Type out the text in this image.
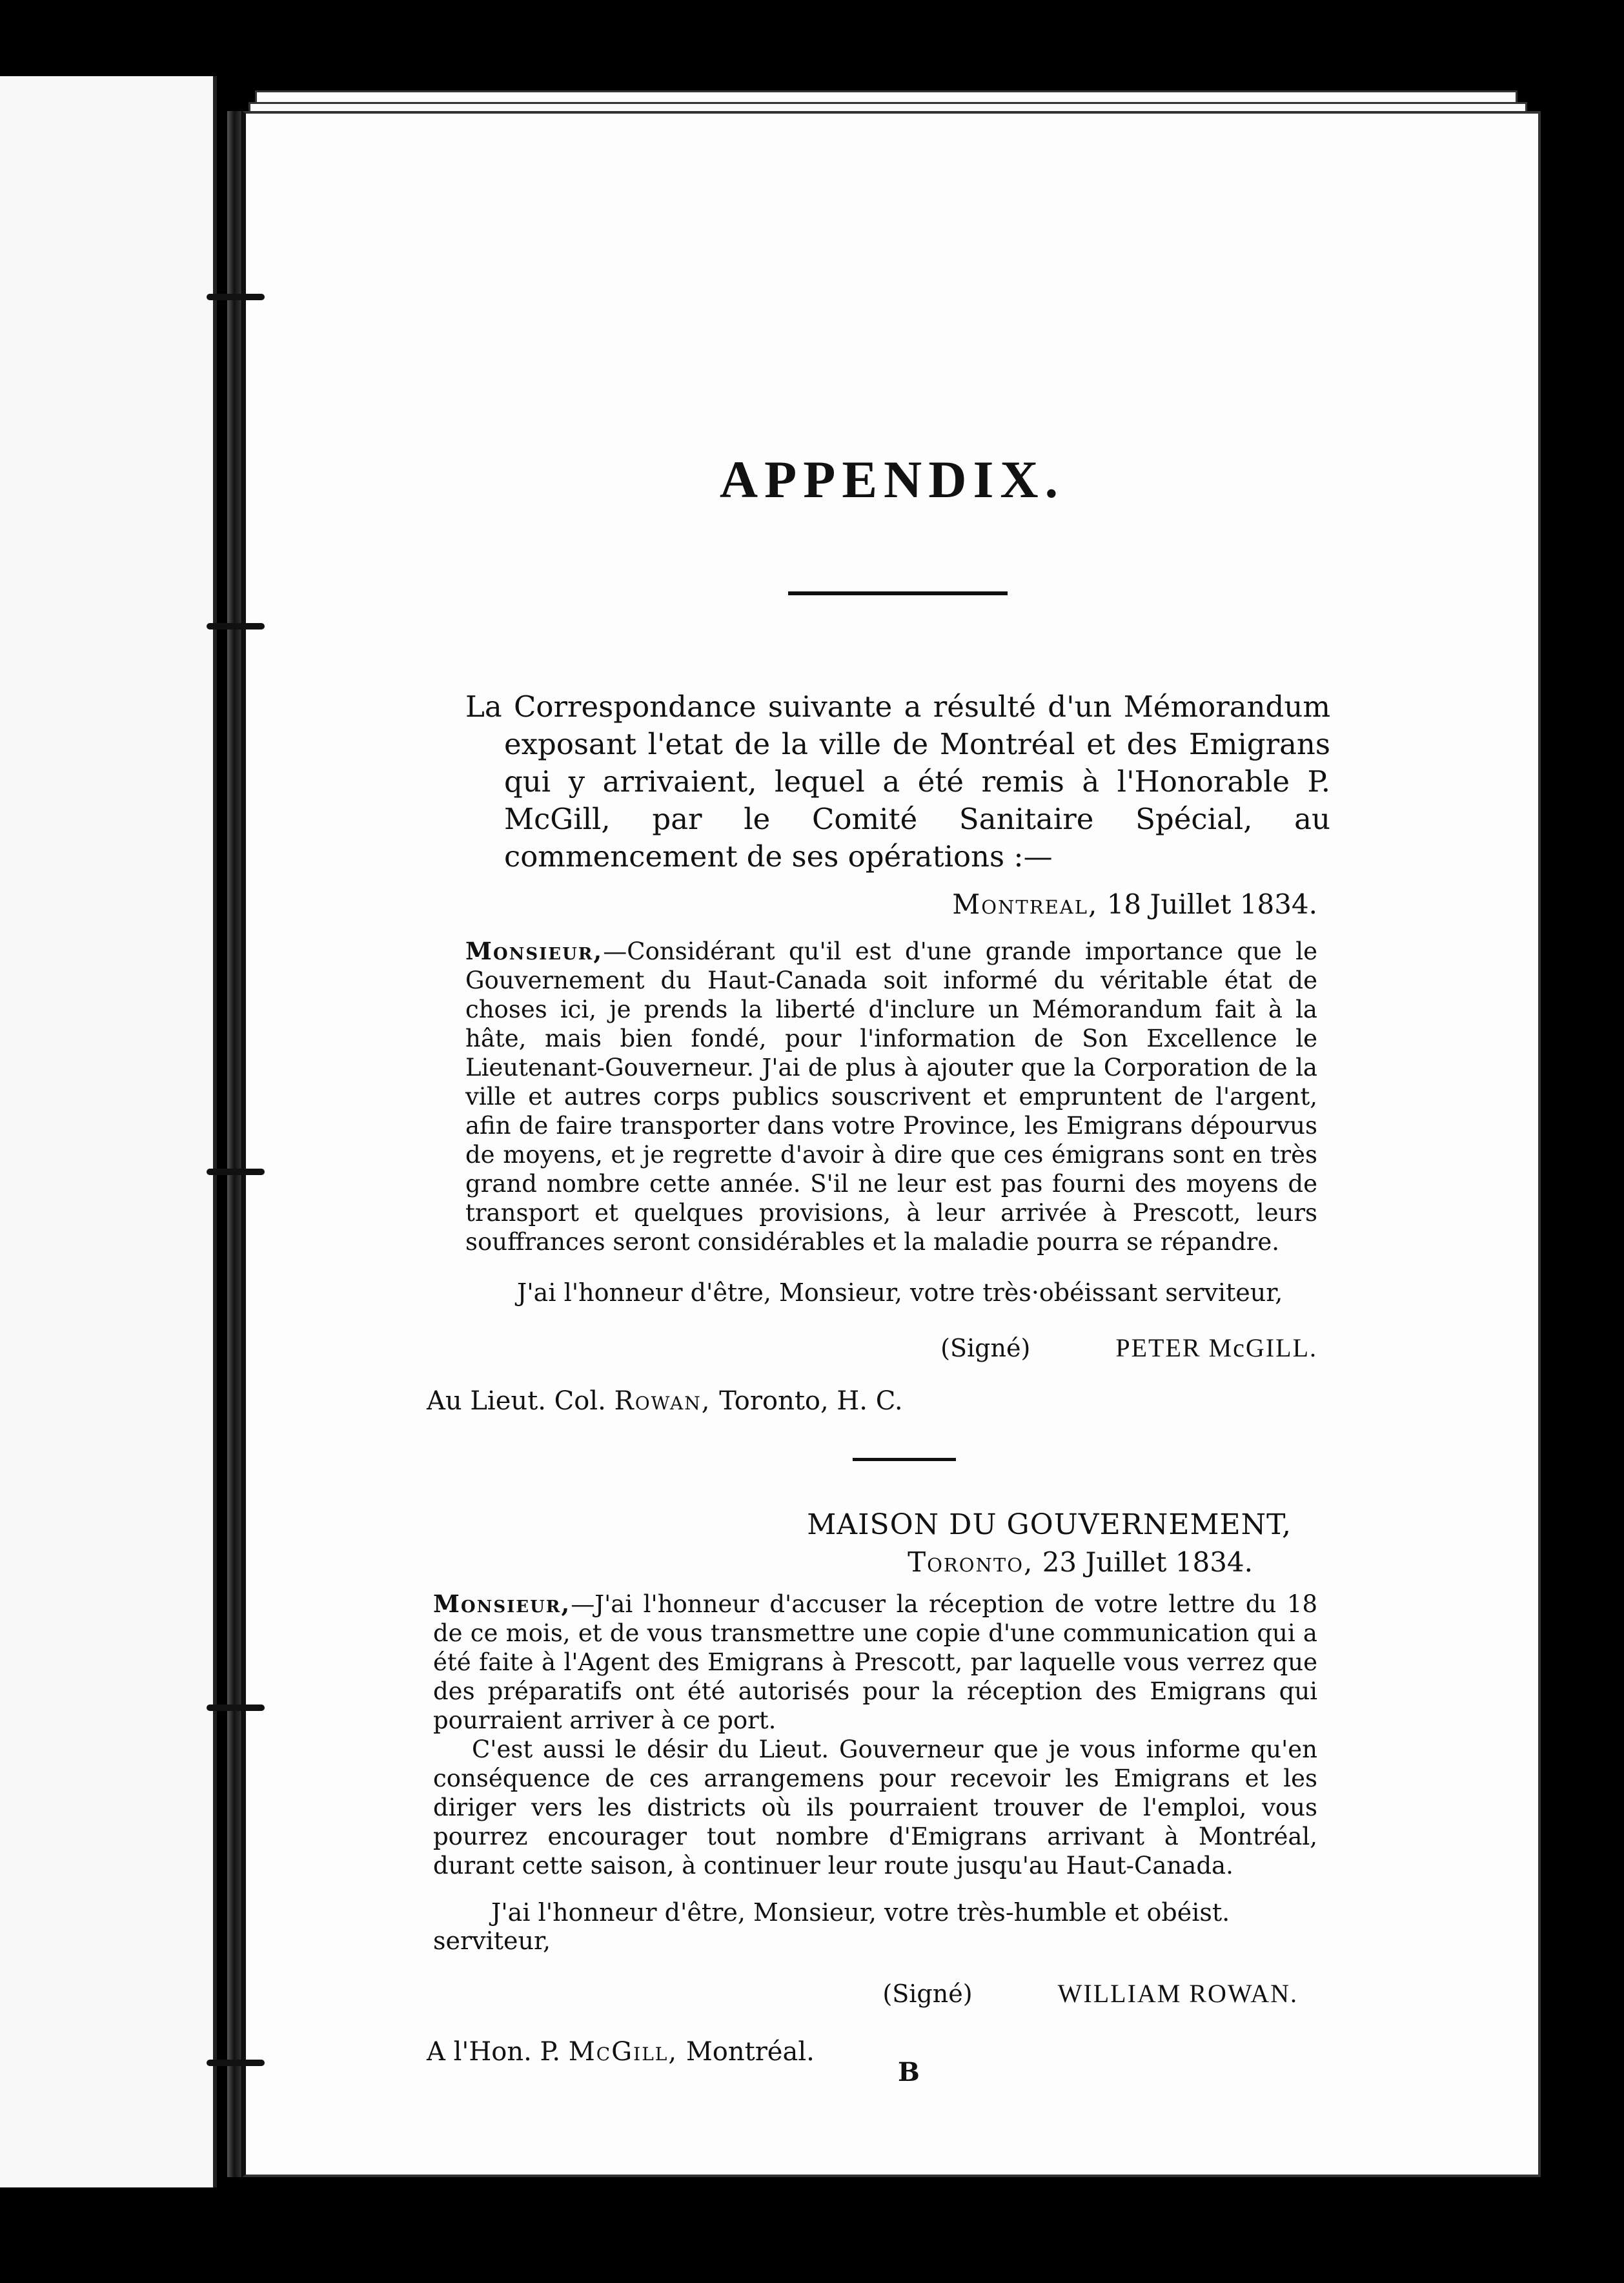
APPENDIX.

La Correspondance suivante a résulté d'un Mémorandum exposant l'etat de la ville de Montréal et des Emigrans qui y arrivaient, lequel a été remis à l'Honorable P. McGill, par le Comité Sanitaire Spécial, au commencement de ses opérations :—

Montreal, 18 Juillet 1834.

Monsieur,—Considérant qu'il est d'une grande importance que le Gouvernement du Haut-Canada soit informé du véritable état de choses ici, je prends la liberté d'inclure un Mémorandum fait à la hâte, mais bien fondé, pour l'information de Son Excellence le Lieutenant-Gouverneur. J'ai de plus à ajouter que la Corporation de la ville et autres corps publics souscrivent et empruntent de l'argent, afin de faire transporter dans votre Province, les Emigrans dépourvus de moyens, et je regrette d'avoir à dire que ces émigrans sont en très grand nombre cette année. S'il ne leur est pas fourni des moyens de transport et quelques provisions, à leur arrivée à Prescott, leurs souffrances seront considérables et la maladie pourra se répandre.

J'ai l'honneur d'être, Monsieur, votre très·obéissant serviteur,
(Signé)	PETER McGILL.
Au Lieut. Col. Rowan, Toronto, H. C.
MAISON DU GOUVERNEMENT,
Toronto, 23 Juillet 1834.

Monsieur,—J'ai l'honneur d'accuser la réception de votre lettre du 18 de ce mois, et de vous transmettre une copie d'une communication qui a été faite à l'Agent des Emigrans à Prescott, par laquelle vous verrez que des préparatifs ont été autorisés pour la réception des Emigrans qui pourraient arriver à ce port.

C'est aussi le désir du Lieut. Gouverneur que je vous informe qu'en conséquence de ces arrangemens pour recevoir les Emigrans et les diriger vers les districts où ils pourraient trouver de l'emploi, vous pourrez encourager tout nombre d'Emigrans arrivant à Montréal, durant cette saison, à continuer leur route jusqu'au Haut-Canada.

J'ai l'honneur d'être, Monsieur, votre très-humble et obéist. serviteur,
(Signé)	WILLIAM ROWAN.
A l'Hon. P. McGill, Montréal.
B
